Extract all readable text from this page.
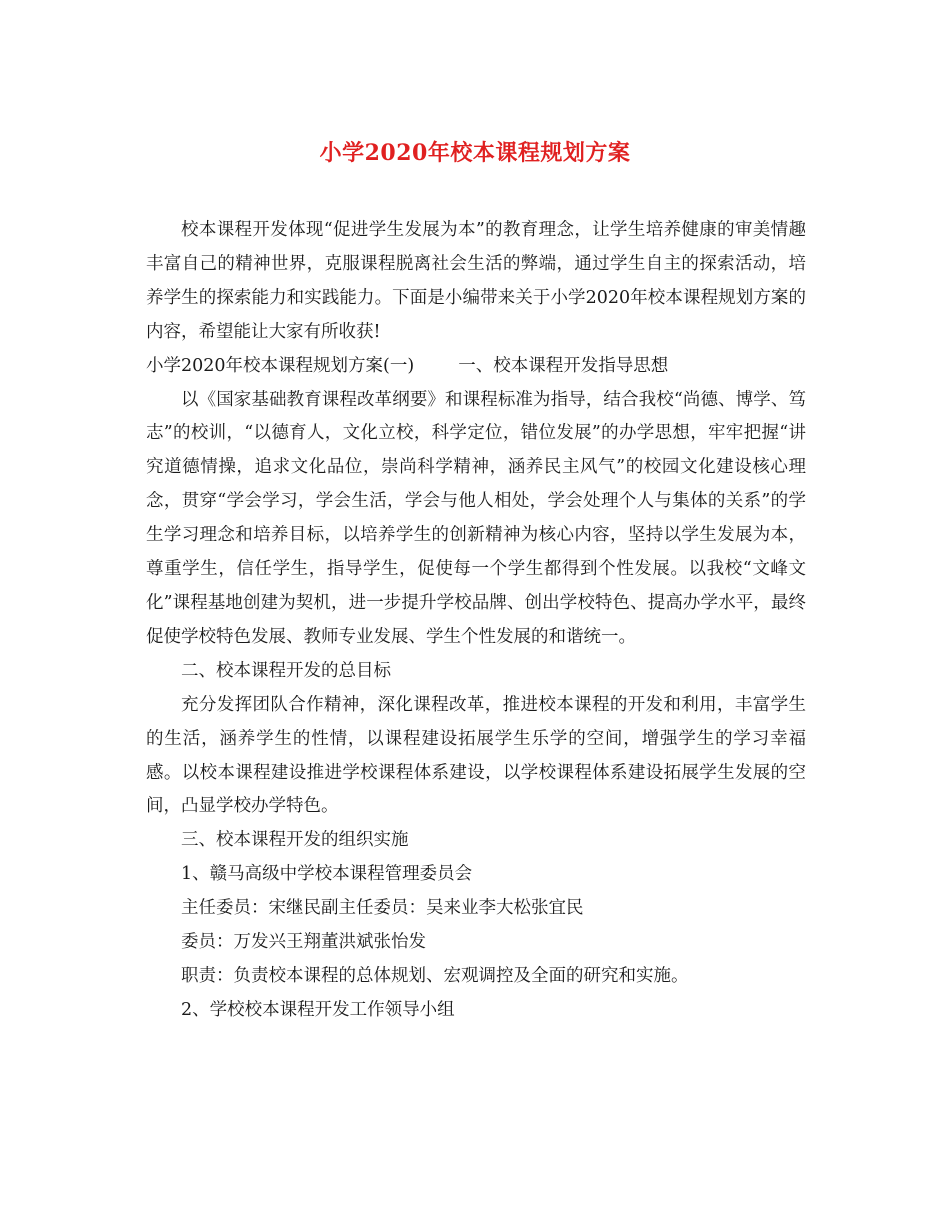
小学2020年校本课程规划方案

校本课程开发体现“促进学生发展为本”的教育理念，让学生培养健康的审美情趣丰富自己的精神世界，克服课程脱离社会生活的弊端，通过学生自主的探索活动，培养学生的探索能力和实践能力。下面是小编带来关于小学2020年校本课程规划方案的内容，希望能让大家有所收获!

小学2020年校本课程规划方案(一)	一、校本课程开发指导思想

以《国家基础教育课程改革纲要》和课程标准为指导，结合我校“尚德、博学、笃志”的校训，“以德育人，文化立校，科学定位，错位发展”的办学思想，牢牢把握“讲究道德情操，追求文化品位，崇尚科学精神，涵养民主风气”的校园文化建设核心理念，贯穿“学会学习，学会生活，学会与他人相处，学会处理个人与集体的关系”的学生学习理念和培养目标，以培养学生的创新精神为核心内容，坚持以学生发展为本，尊重学生，信任学生，指导学生，促使每一个学生都得到个性发展。以我校“文峰文化”课程基地创建为契机，进一步提升学校品牌、创出学校特色、提高办学水平，最终促使学校特色发展、教师专业发展、学生个性发展的和谐统一。

二、校本课程开发的总目标

充分发挥团队合作精神，深化课程改革，推进校本课程的开发和利用，丰富学生的生活，涵养学生的性情，以课程建设拓展学生乐学的空间，增强学生的学习幸福感。以校本课程建设推进学校课程体系建设，以学校课程体系建设拓展学生发展的空间，凸显学校办学特色。

三、校本课程开发的组织实施

1、赣马高级中学校本课程管理委员会

主任委员：宋继民副主任委员：吴来业李大松张宜民

委员：万发兴王翔董洪斌张怡发

职责：负责校本课程的总体规划、宏观调控及全面的研究和实施。

2、学校校本课程开发工作领导小组
